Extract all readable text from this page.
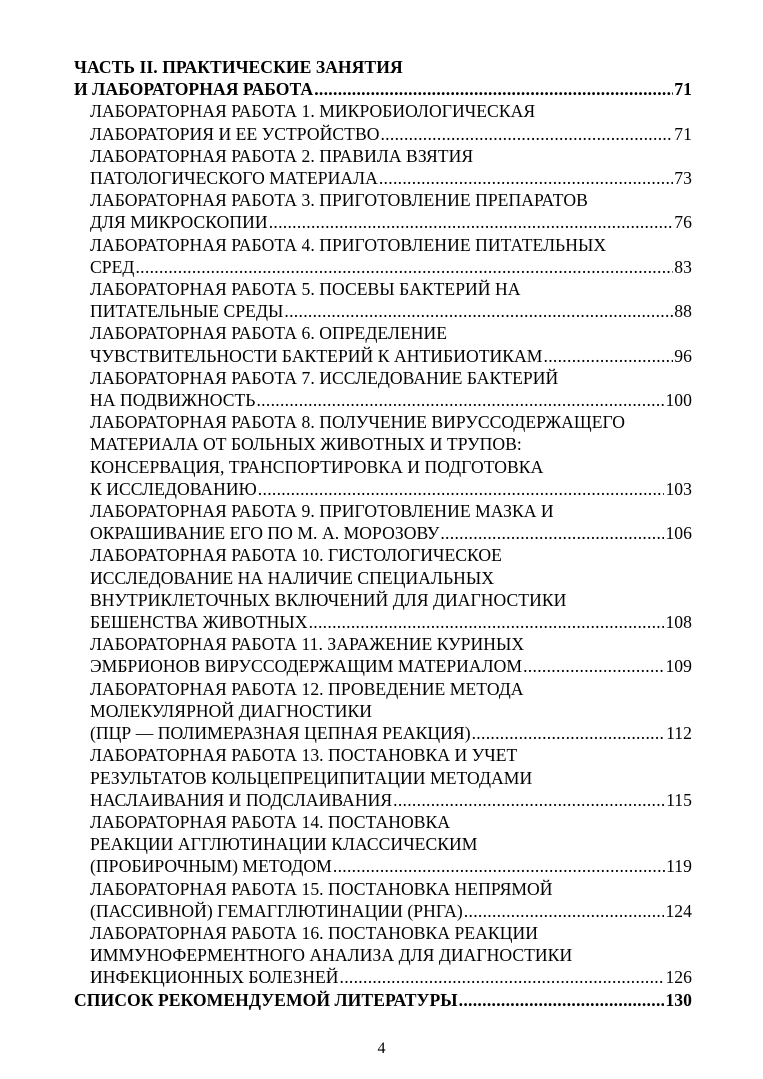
ЧАСТЬ II. ПРАКТИЧЕСКИЕ ЗАНЯТИЯ
И ЛАБОРАТОРНАЯ РАБОТА .....	71
ЛАБОРАТОРНАЯ РАБОТА 1. МИКРОБИОЛОГИЧЕСКАЯ
ЛАБОРАТОРИЯ И ЕЕ УСТРОЙСТВО .....	71
ЛАБОРАТОРНАЯ РАБОТА 2. ПРАВИЛА ВЗЯТИЯ
ПАТОЛОГИЧЕСКОГО МАТЕРИАЛА .....	73
ЛАБОРАТОРНАЯ РАБОТА 3. ПРИГОТОВЛЕНИЕ ПРЕПАРАТОВ
ДЛЯ МИКРОСКОПИИ .....	76
ЛАБОРАТОРНАЯ РАБОТА 4. ПРИГОТОВЛЕНИЕ ПИТАТЕЛЬНЫХ
СРЕД .....	83
ЛАБОРАТОРНАЯ РАБОТА 5. ПОСЕВЫ БАКТЕРИЙ НА
ПИТАТЕЛЬНЫЕ СРЕДЫ .....	88
ЛАБОРАТОРНАЯ РАБОТА 6. ОПРЕДЕЛЕНИЕ
ЧУВСТВИТЕЛЬНОСТИ БАКТЕРИЙ К АНТИБИОТИКАМ .....	96
ЛАБОРАТОРНАЯ РАБОТА 7. ИССЛЕДОВАНИЕ БАКТЕРИЙ
НА ПОДВИЖНОСТЬ .....	100
ЛАБОРАТОРНАЯ РАБОТА 8. ПОЛУЧЕНИЕ ВИРУССОДЕРЖАЩЕГО
МАТЕРИАЛА ОТ БОЛЬНЫХ ЖИВОТНЫХ И ТРУПОВ:
КОНСЕРВАЦИЯ, ТРАНСПОРТИРОВКА И ПОДГОТОВКА
К ИССЛЕДОВАНИЮ .....	103
ЛАБОРАТОРНАЯ РАБОТА 9. ПРИГОТОВЛЕНИЕ МАЗКА И
ОКРАШИВАНИЕ ЕГО ПО М. А. МОРОЗОВУ .....	106
ЛАБОРАТОРНАЯ РАБОТА 10. ГИСТОЛОГИЧЕСКОЕ
ИССЛЕДОВАНИЕ НА НАЛИЧИЕ СПЕЦИАЛЬНЫХ
ВНУТРИКЛЕТОЧНЫХ ВКЛЮЧЕНИЙ ДЛЯ ДИАГНОСТИКИ
БЕШЕНСТВА ЖИВОТНЫХ .....	108
ЛАБОРАТОРНАЯ РАБОТА 11. ЗАРАЖЕНИЕ КУРИНЫХ
ЭМБРИОНОВ ВИРУССОДЕРЖАЩИМ МАТЕРИАЛОМ .....	109
ЛАБОРАТОРНАЯ РАБОТА 12. ПРОВЕДЕНИЕ МЕТОДА
МОЛЕКУЛЯРНОЙ ДИАГНОСТИКИ
(ПЦР — ПОЛИМЕРАЗНАЯ ЦЕПНАЯ РЕАКЦИЯ) .....	112
ЛАБОРАТОРНАЯ РАБОТА 13. ПОСТАНОВКА И УЧЕТ
РЕЗУЛЬТАТОВ КОЛЬЦЕПРЕЦИПИТАЦИИ МЕТОДАМИ
НАСЛАИВАНИЯ И ПОДСЛАИВАНИЯ .....	115
ЛАБОРАТОРНАЯ РАБОТА 14. ПОСТАНОВКА
РЕАКЦИИ АГГЛЮТИНАЦИИ КЛАССИЧЕСКИМ
(ПРОБИРОЧНЫМ) МЕТОДОМ .....	119
ЛАБОРАТОРНАЯ РАБОТА 15. ПОСТАНОВКА НЕПРЯМОЙ
(ПАССИВНОЙ) ГЕМАГГЛЮТИНАЦИИ (РНГА) .....	124
ЛАБОРАТОРНАЯ РАБОТА 16. ПОСТАНОВКА РЕАКЦИИ
ИММУНОФЕРМЕНТНОГО АНАЛИЗА ДЛЯ ДИАГНОСТИКИ
ИНФЕКЦИОННЫХ БОЛЕЗНЕЙ .....	126
СПИСОК РЕКОМЕНДУЕМОЙ ЛИТЕРАТУРЫ .....	130
4
